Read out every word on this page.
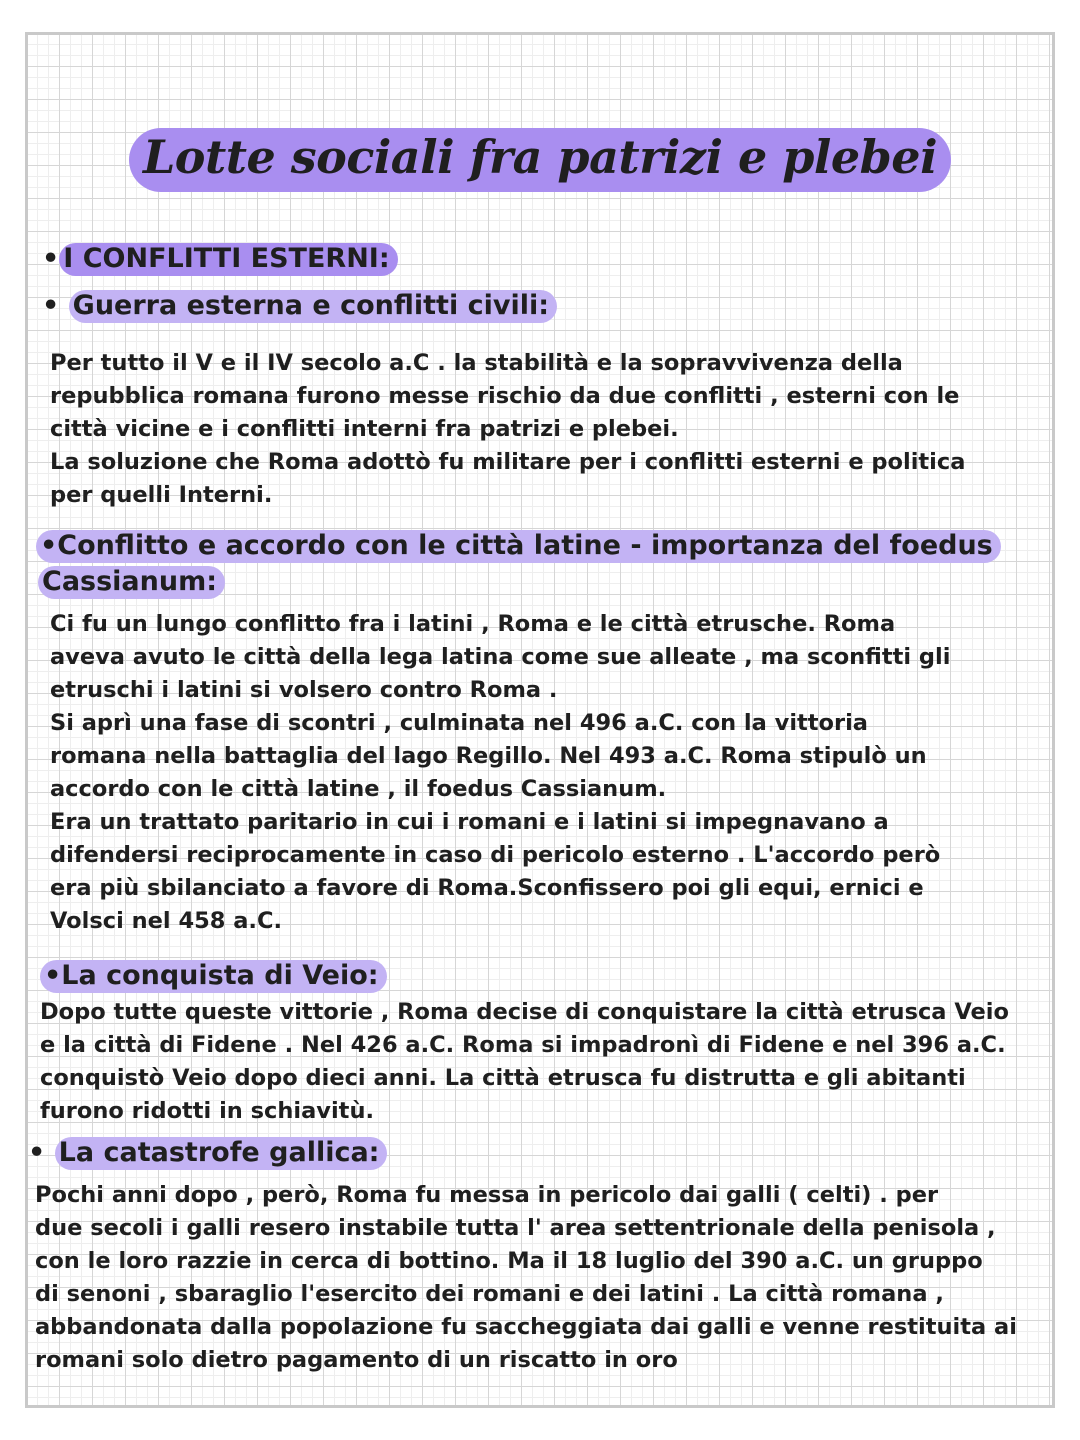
Lotte sociali fra patrizi e plebei
• I CONFLITTI ESTERNI:
• Guerra esterna e conflitti civili:
Per tutto il V e il IV secolo a.C . la stabilità e la sopravvivenza della
repubblica romana furono messe rischio da due conflitti , esterni con le
città vicine e i conflitti interni fra patrizi e plebei.
La soluzione che Roma adottò fu militare per i conflitti esterni e politica
per quelli Interni.
•Conflitto e accordo con le città latine - importanza del foedus
Cassianum:
Ci fu un lungo conflitto fra i latini , Roma e le città etrusche. Roma
aveva avuto le città della lega latina come sue alleate , ma sconfitti gli
etruschi i latini si volsero contro Roma .
Si aprì una fase di scontri , culminata nel 496 a.C. con la vittoria
romana nella battaglia del lago Regillo. Nel 493 a.C. Roma stipulò un
accordo con le città latine , il foedus Cassianum.
Era un trattato paritario in cui i romani e i latini si impegnavano a
difendersi reciprocamente in caso di pericolo esterno . L'accordo però
era più sbilanciato a favore di Roma.Sconfissero poi gli equi, ernici e
Volsci nel 458 a.C.
•La conquista di Veio:
Dopo tutte queste vittorie , Roma decise di conquistare la città etrusca Veio
e la città di Fidene . Nel 426 a.C. Roma si impadronì di Fidene e nel 396 a.C.
conquistò Veio dopo dieci anni. La città etrusca fu distrutta e gli abitanti
furono ridotti in schiavitù.
• La catastrofe gallica:
Pochi anni dopo , però, Roma fu messa in pericolo dai galli ( celti) . per
due secoli i galli resero instabile tutta l' area settentrionale della penisola ,
con le loro razzie in cerca di bottino. Ma il 18 luglio del 390 a.C. un gruppo
di senoni , sbaraglio l'esercito dei romani e dei latini . La città romana ,
abbandonata dalla popolazione fu saccheggiata dai galli e venne restituita ai
romani solo dietro pagamento di un riscatto in oro
